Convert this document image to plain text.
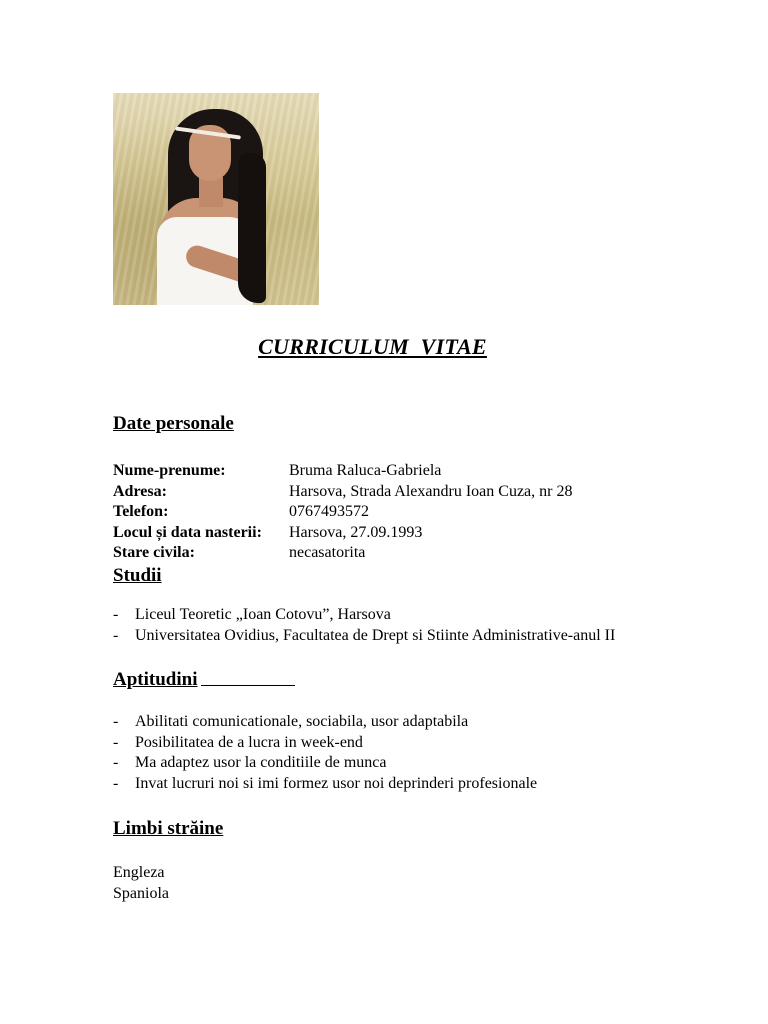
CURRICULUM  VITAE
Date personale
Nume-prenume:	Bruma Raluca-Gabriela
Adresa:	Harsova, Strada Alexandru Ioan Cuza, nr 28
Telefon:	0767493572
Locul și data nasterii: Harsova, 27.09.1993
Stare civila:	necasatorita
Studii
- Liceul Teoretic „Ioan Cotovu”, Harsova
- Universitatea Ovidius, Facultatea de Drept si Stiinte Administrative-anul II
Aptitudini
- Abilitati comunicationale, sociabila, usor adaptabila
- Posibilitatea de a lucra in week-end
- Ma adaptez usor la conditiile de munca
- Invat lucruri noi si imi formez usor noi deprinderi profesionale
Limbi străine
Engleza
Spaniola
